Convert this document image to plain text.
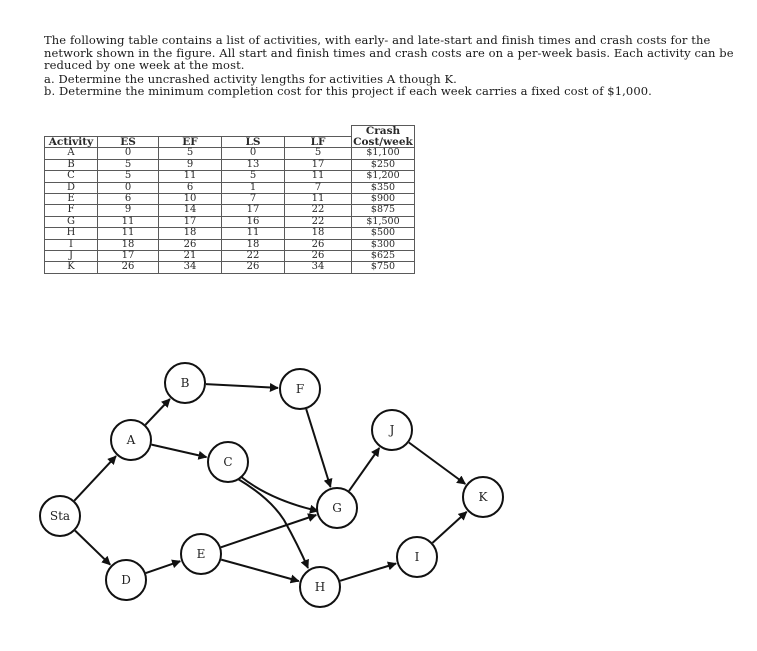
The following table contains a list of activities, with early- and late-start and finish times and crash costs for the

network shown in the figure. All start and finish times and crash costs are on a per-week basis. Each activity can be

reduced by one week at the most.

a. Determine the uncrashed activity lengths for activities A though K.

b. Determine the minimum completion cost for this project if each week carries a fixed cost of $1,000.

					Crash
Activity	ES	EF	LS	LF	Cost/week
A	0	5	0	5	$1,100
B	5	9	13	17	$250
C	5	11	5	11	$1,200
D	0	6	1	7	$350
E	6	10	7	11	$900
F	9	14	17	22	$875
G	11	17	16	22	$1,500
H	11	18	11	18	$500
I	18	26	18	26	$300
J	17	21	22	26	$625
K	26	34	26	34	$750
Sta
A
B
C
D
E
F
G
H
I
J
K
